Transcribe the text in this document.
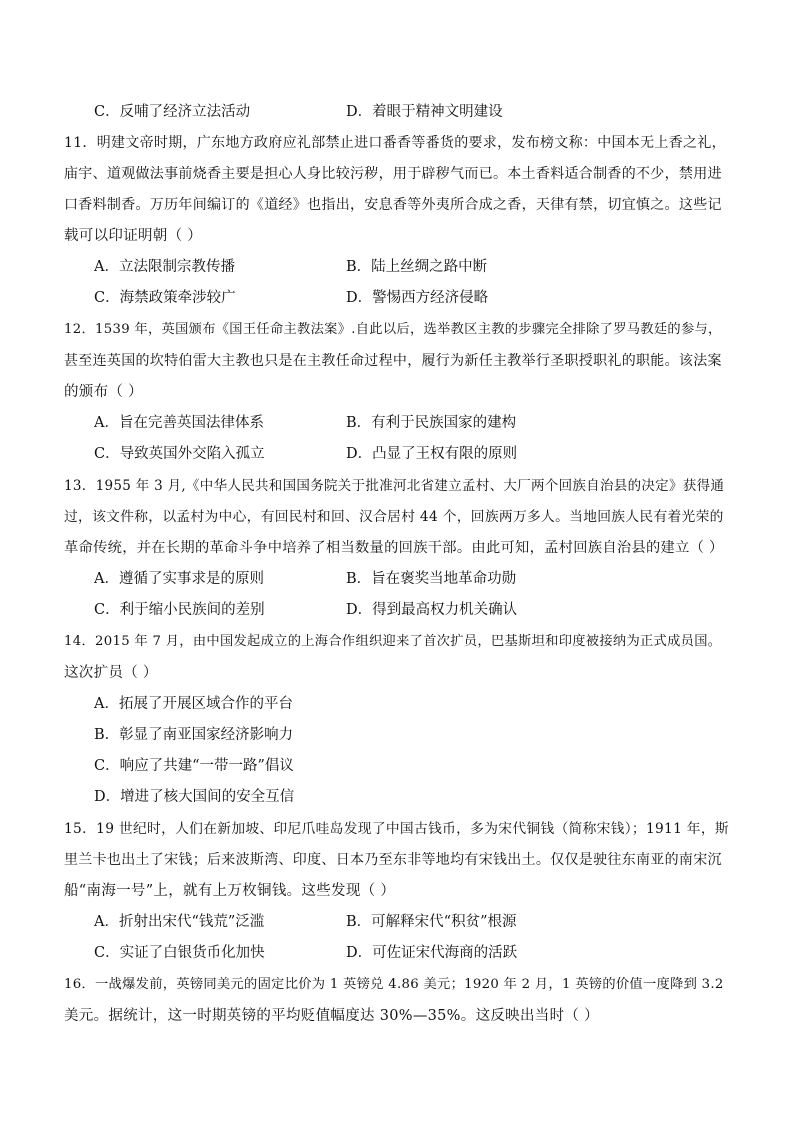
C．反哺了经济立法活动	D．着眼于精神文明建设
11．明建文帝时期，广东地方政府应礼部禁止进口番香等番货的要求，发布榜文称：中国本无上香之礼，
庙宇、道观做法事前烧香主要是担心人身比较污秽，用于辟秽气而已。本土香料适合制香的不少，禁用进
口香料制香。万历年间编订的《道经》也指出，安息香等外夷所合成之香，天律有禁，切宜慎之。这些记
载可以印证明朝（ ）
A．立法限制宗教传播	B．陆上丝绸之路中断
C．海禁政策牵涉较广	D．警惕西方经济侵略
12．1539 年，英国颁布《国王任命主教法案》.自此以后，选举教区主教的步骤完全排除了罗马教廷的参与，
甚至连英国的坎特伯雷大主教也只是在主教任命过程中，履行为新任主教举行圣职授职礼的职能。该法案
的颁布（ ）
A．旨在完善英国法律体系	B．有利于民族国家的建构
C．导致英国外交陷入孤立	D．凸显了王权有限的原则
13．1955 年 3 月,《中华人民共和国国务院关于批准河北省建立孟村、大厂两个回族自治县的决定》获得通
过，该文件称，以孟村为中心，有回民村和回、汉合居村 44 个，回族两万多人。当地回族人民有着光荣的
革命传统，并在长期的革命斗争中培养了相当数量的回族干部。由此可知，孟村回族自治县的建立（ ）
A．遵循了实事求是的原则	B．旨在褒奖当地革命功勋
C．利于缩小民族间的差别	D．得到最高权力机关确认
14．2015 年 7 月，由中国发起成立的上海合作组织迎来了首次扩员，巴基斯坦和印度被接纳为正式成员国。
这次扩员（ ）
A．拓展了开展区域合作的平台
B．彰显了南亚国家经济影响力
C．响应了共建“一带一路”倡议
D．增进了核大国间的安全互信
15．19 世纪时，人们在新加坡、印尼爪哇岛发现了中国古钱币，多为宋代铜钱（简称宋钱）；1911 年，斯
里兰卡也出土了宋钱；后来波斯湾、印度、日本乃至东非等地均有宋钱出土。仅仅是驶往东南亚的南宋沉
船“南海一号”上，就有上万枚铜钱。这些发现（ ）
A．折射出宋代“钱荒”泛滥	B．可解释宋代“积贫”根源
C．实证了白银货币化加快	D．可佐证宋代海商的活跃
16．一战爆发前，英镑同美元的固定比价为 1 英镑兑 4.86 美元；1920 年 2 月，1 英镑的价值一度降到 3.2
美元。据统计，这一时期英镑的平均贬值幅度达 30%—35%。这反映出当时（ ）
